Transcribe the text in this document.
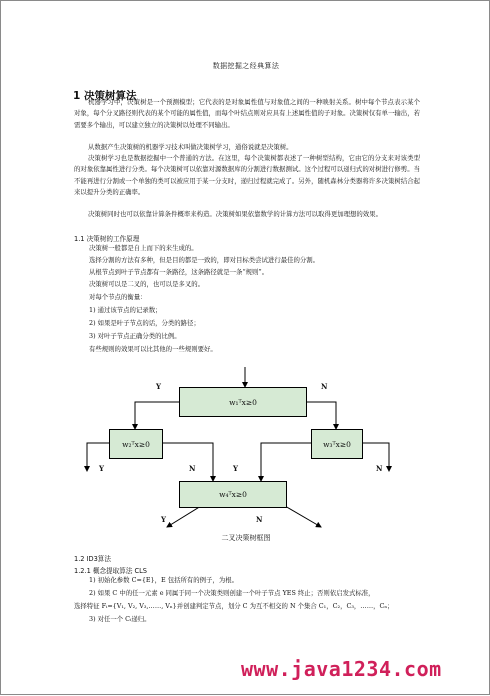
数据挖掘之经典算法
1 决策树算法

机器学习中，决策树是一个预测模型；它代表的是对象属性值与对象值之间的一种映射关系。树中每个节点表示某个对象，每个分叉路径则代表的某个可能的属性值，而每个叶结点则对应具有上述属性值的子对象。决策树仅有单一输出，若需要多个输出，可以建立独立的决策树以处理不同输出。

从数据产生决策树的机器学习技术叫做决策树学习，通俗说就是决策树。

决策树学习也是数据挖掘中一个普通的方法。在这里，每个决策树都表述了一种树型结构，它由它的分支来对该类型的对象依靠属性进行分类。每个决策树可以依靠对源数据库的分割进行数据测试。这个过程可以递归式的对树进行修剪。当不能再进行分割或一个单独的类可以被应用于某一分支时，递归过程就完成了。另外，随机森林分类器将许多决策树结合起来以提升分类的正确率。

决策树同时也可以依靠计算条件概率来构造。决策树如果依靠数学的计算方法可以取得更加理想的效果。

1.1 决策树的工作原理
决策树一般都是自上而下的来生成的。
选择分割的方法有多种，但是目的都是一致的，即对目标类尝试进行最佳的分割。
从根节点到叶子节点都有一条路径，这条路径就是一条“规则”。
决策树可以是二叉的，也可以是多叉的。
对每个节点的衡量：
1) 通过该节点的记录数；
2) 如果是叶子节点的话，分类的路径；
3) 对叶子节点正确分类的比例。
有些规则的效果可以比其他的一些规则要好。
w₁ᵀx≥0
w₂ᵀx≥0	w₃ᵀx≥0
w₄ᵀx≥0
Y	N
Y	N	Y	N
Y	N
二叉决策树框图
1.2 ID3算法
1.2.1 概念提取算法 CLS
1) 初始化参数 C={E}，E 包括所有的例子，为根。
2) 如果 C 中的任一元素 e 同属于同一个决策类则创建一个叶子节点 YES 终止；否则依启发式标准，
选择特征 Fᵢ={V₁, V₂, V₃,……, Vₙ}并创建判定节点，划分 C 为互不相交的 N 个集合 C₁，C₂，C₃，……，Cₙ；
3) 对任一个 Cᵢ递归。
www.java1234.com
